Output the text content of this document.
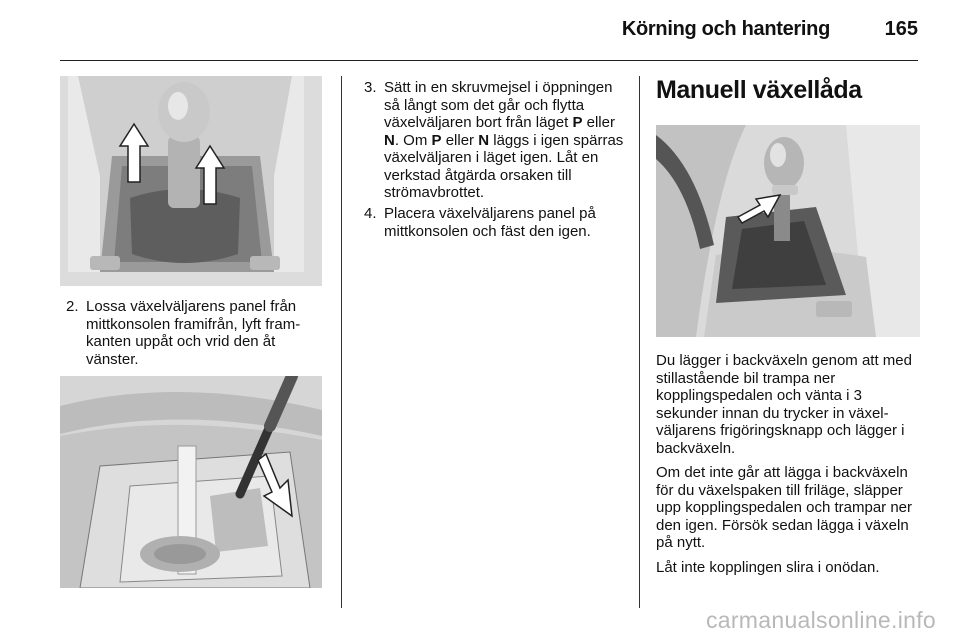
Körning och hantering	165
2. Lossa växelväljarens panel från mittkonsolen framifrån, lyft framkanten uppåt och vrid den åt vänster.
3. Sätt in en skruvmejsel i öppningen så långt som det går och flytta växelväljaren bort från läget P eller N. Om P eller N läggs i igen spärras växelväljaren i läget igen. Låt en verkstad åtgärda orsaken till strömavbrottet.
4. Placera växelväljarens panel på mittkonsolen och fäst den igen.
Manuell växellåda
Du lägger i backväxeln genom att med stillastående bil trampa ner kopplingspedalen och vänta i 3 sekunder innan du trycker in växelväljarens frigöringsknapp och lägger i backväxeln.
Om det inte går att lägga i backväxeln för du växelspaken till friläge, släpper upp kopplingspedalen och trampar ner den igen. Försök sedan lägga i växeln på nytt.
Låt inte kopplingen slira i onödan.
carmanualsonline.info
